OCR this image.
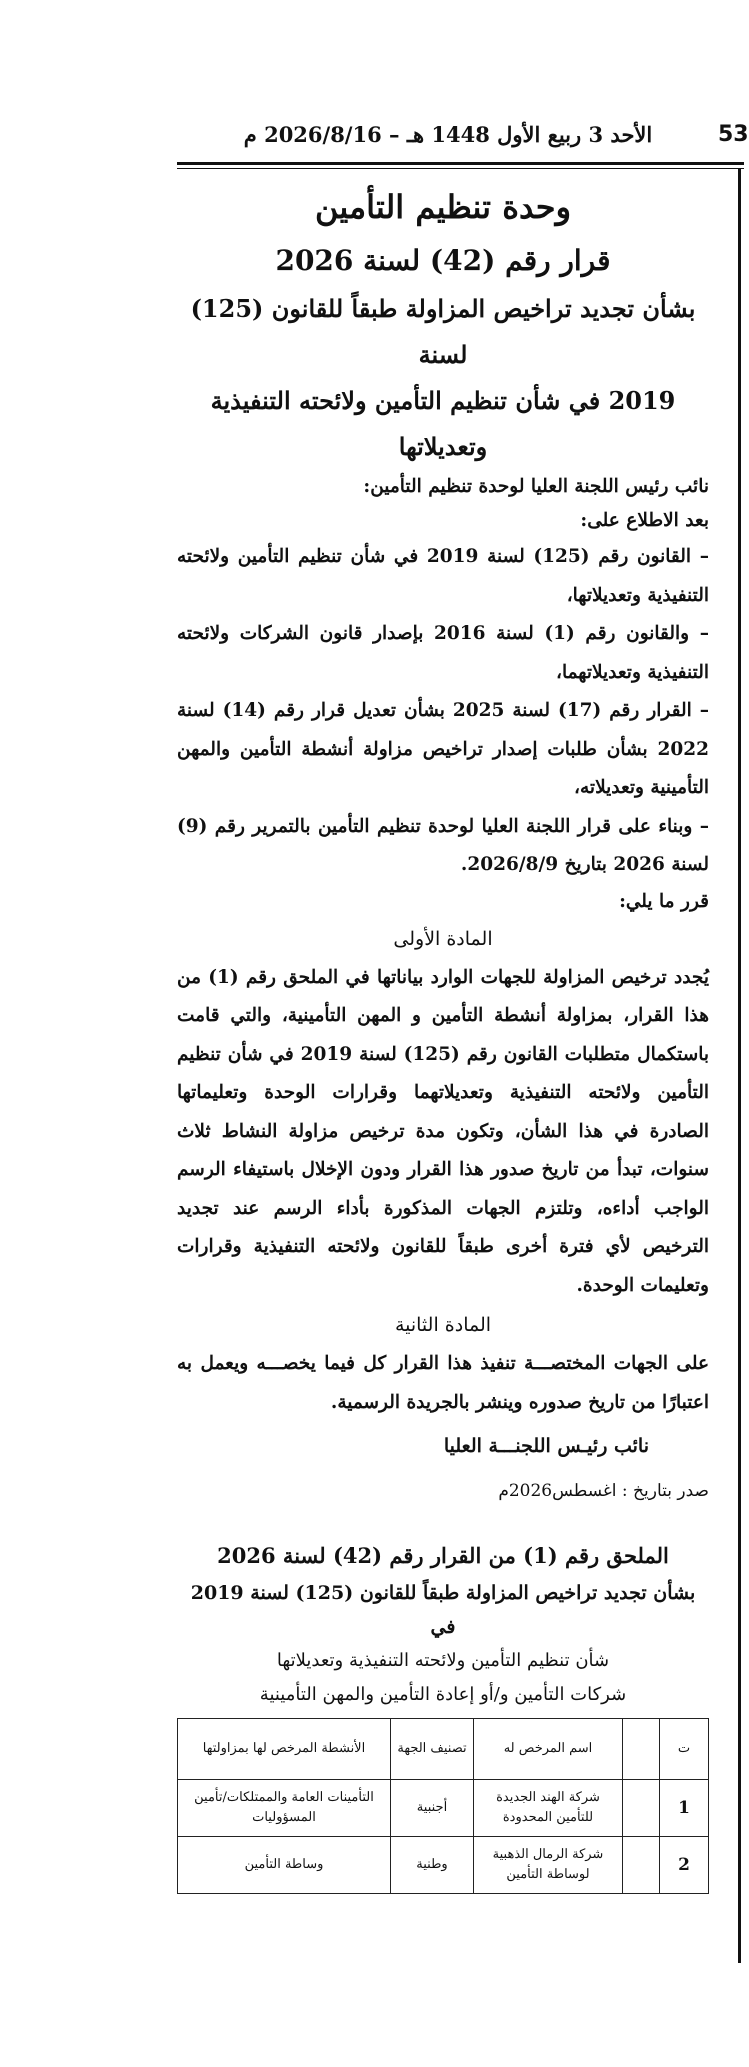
53
الأحد 3 ربيع الأول 1448 هـ – 2026/8/16 م
وحدة تنظيم التأمين

قرار رقم (42) لسنة 2026

بشأن تجديد تراخيص المزاولة طبقاً للقانون (125) لسنة

2019 في شأن تنظيم التأمين ولائحته التنفيذية وتعديلاتها

نائب رئيس اللجنة العليا لوحدة تنظيم التأمين:

بعد الاطلاع على:

– القانون رقم (125) لسنة 2019 في شأن تنظيم التأمين ولائحته التنفيذية وتعديلاتها،

– والقانون رقم (1) لسنة 2016 بإصدار قانون الشركات ولائحته التنفيذية وتعديلاتهما،

– القرار رقم (17) لسنة 2025 بشأن تعديل قرار رقم (14) لسنة 2022 بشأن طلبات إصدار تراخيص مزاولة أنشطة التأمين والمهن التأمينية وتعديلاته،

– وبناء على قرار اللجنة العليا لوحدة تنظيم التأمين بالتمرير رقم (9) لسنة 2026 بتاريخ 2026/8/9.

قرر ما يلي:

المادة الأولى

يُجدد ترخيص المزاولة للجهات الوارد بياناتها في الملحق رقم (1) من هذا القرار، بمزاولة أنشطة التأمين و المهن التأمينية، والتي قامت باستكمال متطلبات القانون رقم (125) لسنة 2019 في شأن تنظيم التأمين ولائحته التنفيذية وتعديلاتهما وقرارات الوحدة وتعليماتها الصادرة في هذا الشأن، وتكون مدة ترخيص مزاولة النشاط ثلاث سنوات، تبدأ من تاريخ صدور هذا القرار ودون الإخلال باستيفاء الرسم الواجب أداءه، وتلتزم الجهات المذكورة بأداء الرسم عند تجديد الترخيص لأي فترة أخرى طبقاً للقانون ولائحته التنفيذية وقرارات وتعليمات الوحدة.

المادة الثانية

على الجهات المختصـــة تنفيذ هذا القرار كل فيما يخصـــه ويعمل به اعتبارًا من تاريخ صدوره وينشر بالجريدة الرسمية.

نائب رئيـس اللجنـــة العليا

صدر بتاريخ : اغسطس2026م

الملحق رقم (1) من القرار رقم (42) لسنة 2026

بشأن تجديد تراخيص المزاولة طبقاً للقانون (125) لسنة 2019 في

شأن تنظيم التأمين ولائحته التنفيذية وتعديلاتها

شركات التأمين و/أو إعادة التأمين والمهن التأمينية

ت		اسم المرخص له	تصنيف الجهة	الأنشطة المرخص لها بمزاولتها
1		شركة الهند الجديدة للتأمين المحدودة	أجنبية	التأمينات العامة والممتلكات/تأمين المسؤوليات
2		شركة الرمال الذهبية لوساطة التأمين	وطنية	وساطة التأمين
